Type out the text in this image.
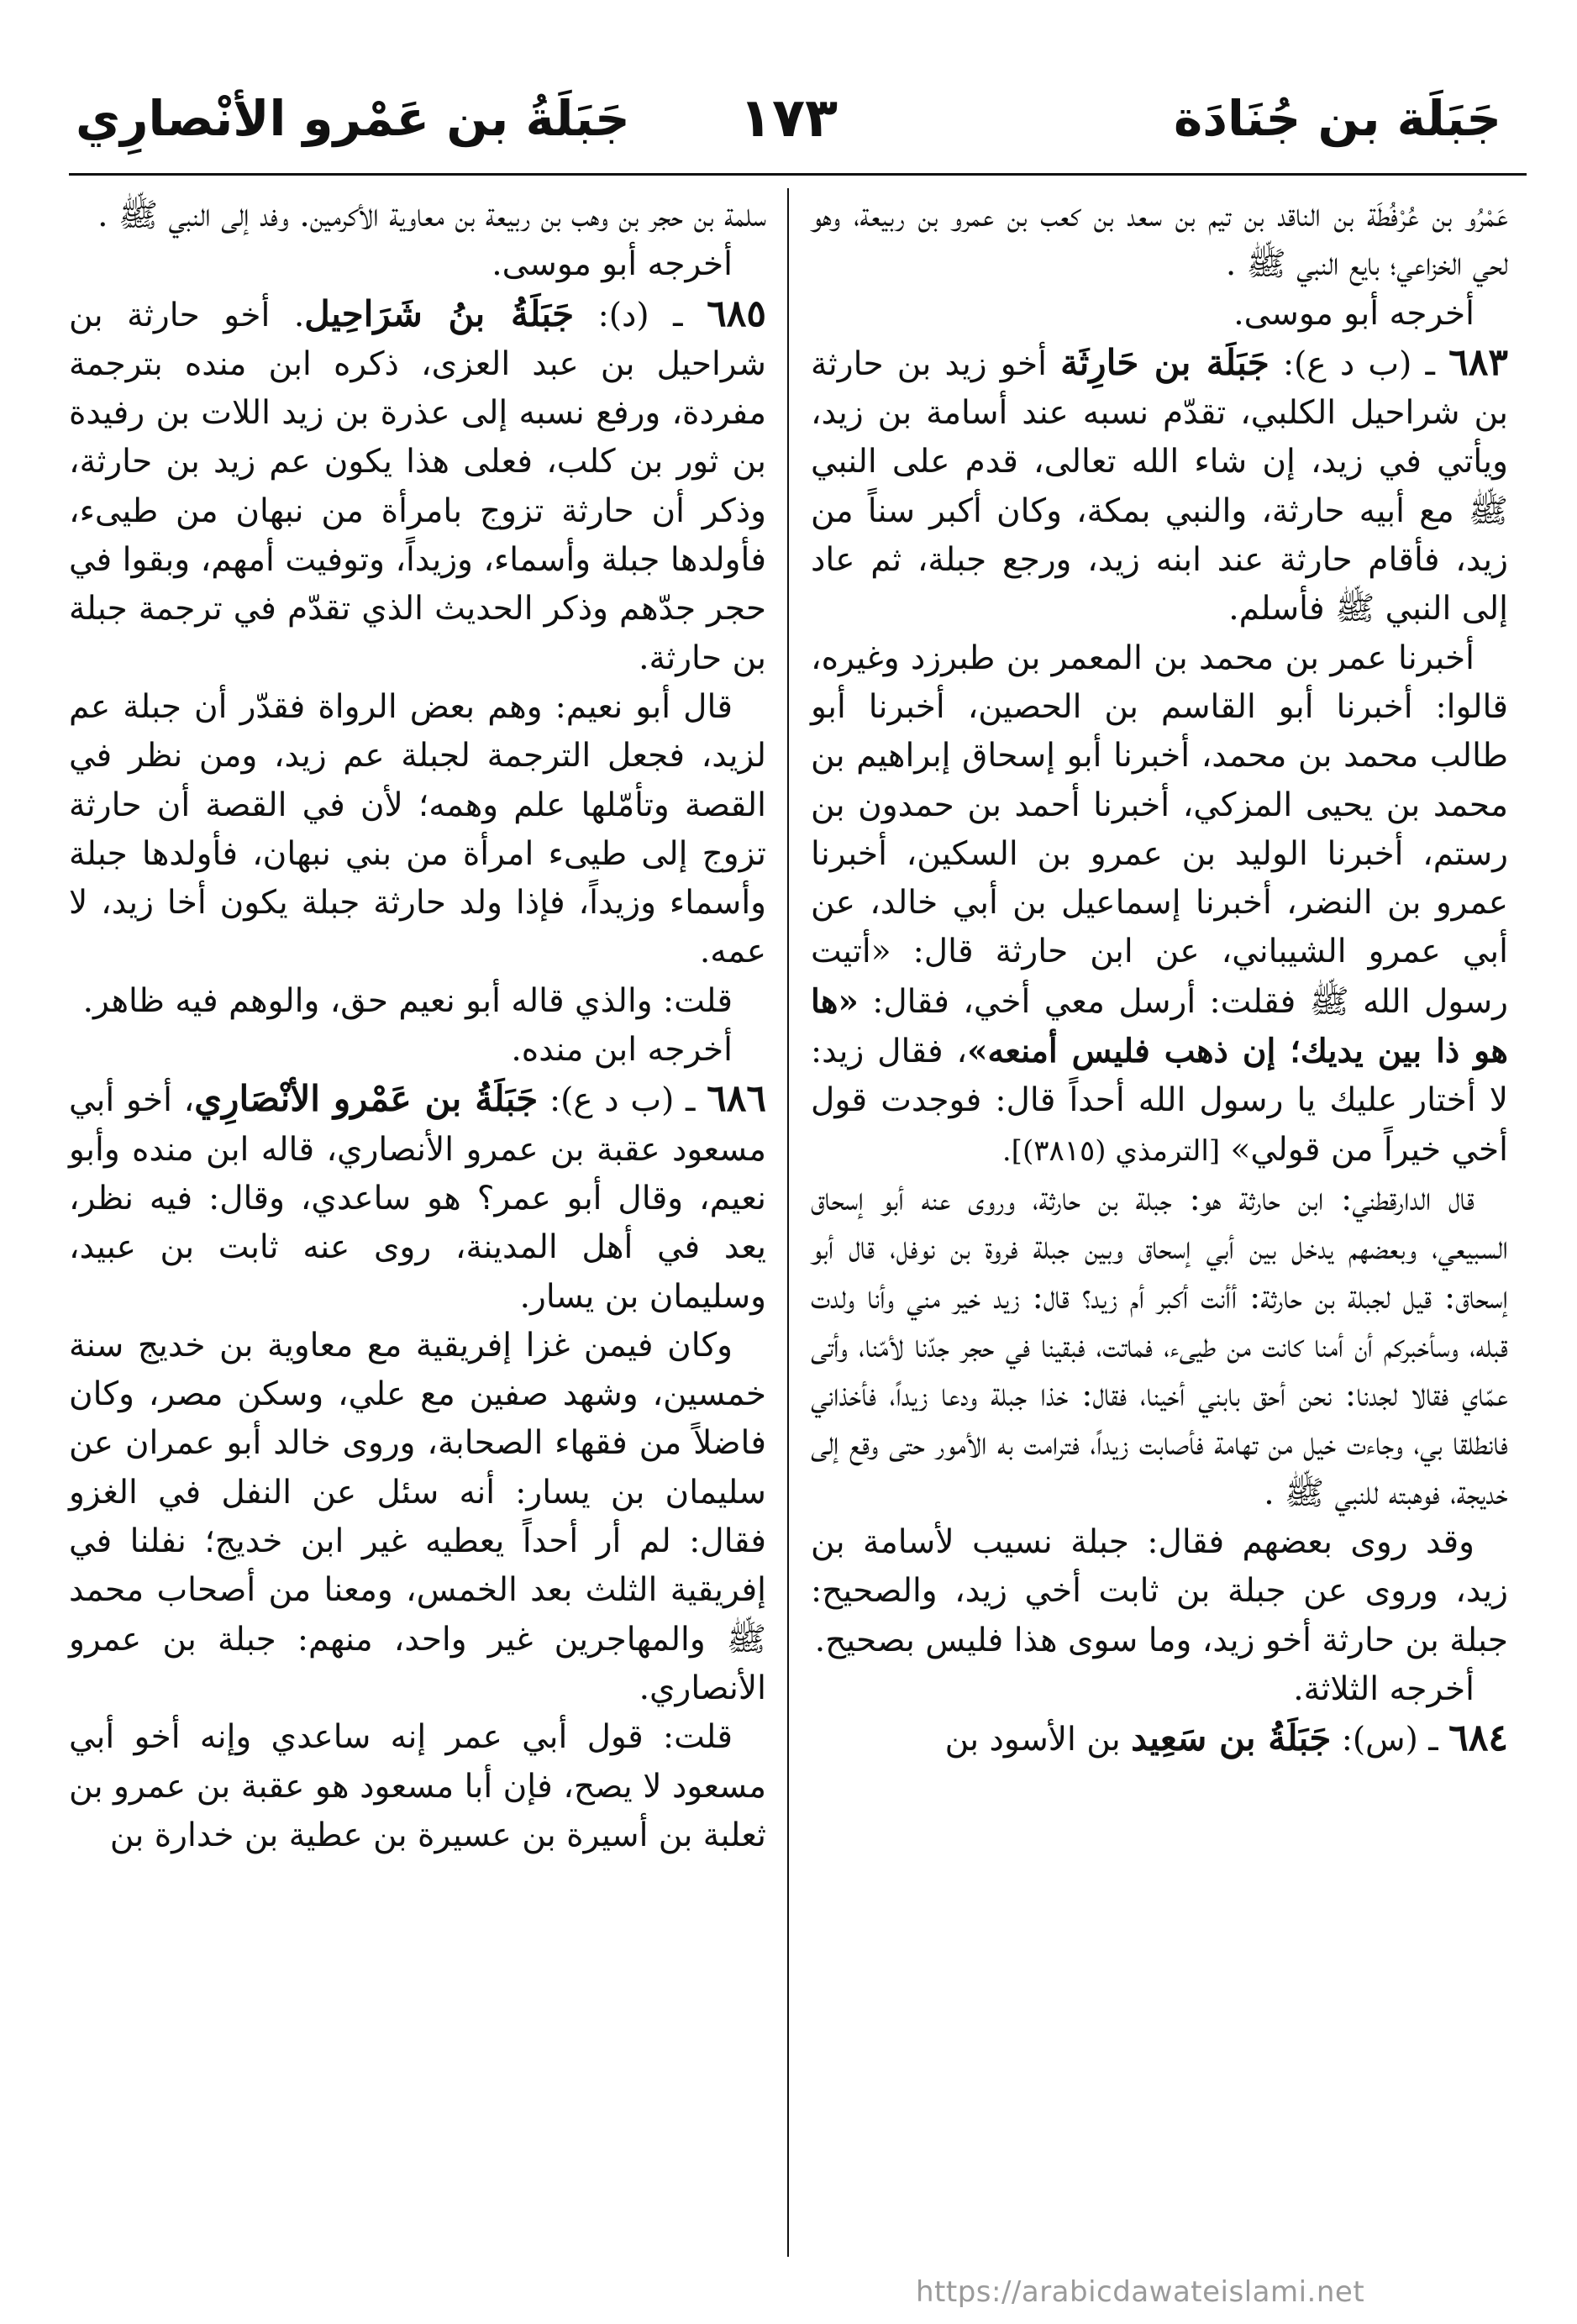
جَبَلَة بن جُنَادَة
١٧٣
جَبَلَةُ بن عَمْرو الأنْصارِي

عَمْرُو بن عُرْفُطَة بن الناقد بن تيم بن سعد بن كعب بن عمرو بن ربيعة، وهو لحي الخزاعي؛ بايع النبي ﷺ .

أخرجه أبو موسى.

٦٨٣ ـ (ب د ع): جَبَلَة بن حَارِثَة أخو زيد بن حارثة بن شراحيل الكلبي، تقدّم نسبه عند أسامة بن زيد، ويأتي في زيد، إن شاء الله تعالى، قدم على النبي ﷺ مع أبيه حارثة، والنبي بمكة، وكان أكبر سناً من زيد، فأقام حارثة عند ابنه زيد، ورجع جبلة، ثم عاد إلى النبي ﷺ فأسلم.

أخبرنا عمر بن محمد بن المعمر بن طبرزد وغيره، قالوا: أخبرنا أبو القاسم بن الحصين، أخبرنا أبو طالب محمد بن محمد، أخبرنا أبو إسحاق إبراهيم بن محمد بن يحيى المزكي، أخبرنا أحمد بن حمدون بن رستم، أخبرنا الوليد بن عمرو بن السكين، أخبرنا عمرو بن النضر، أخبرنا إسماعيل بن أبي خالد، عن أبي عمرو الشيباني، عن ابن حارثة قال: «أتيت رسول الله ﷺ فقلت: أرسل معي أخي، فقال: «ها هو ذا بين يديك؛ إن ذهب فليس أمنعه»، فقال زيد: لا أختار عليك يا رسول الله أحداً قال: فوجدت قول أخي خيراً من قولي» [الترمذي (٣٨١٥)].

قال الدارقطني: ابن حارثة هو: جبلة بن حارثة، وروى عنه أبو إسحاق السبيعي، وبعضهم يدخل بين أبي إسحاق وبين جبلة فروة بن نوفل، قال أبو إسحاق: قيل لجبلة بن حارثة: أأنت أكبر أم زيد؟ قال: زيد خير مني وأنا ولدت قبله، وسأخبركم أن أمنا كانت من طيىء، فماتت، فبقينا في حجر جدّنا لأمّنا، وأتى عمّاي فقالا لجدنا: نحن أحق بابني أخينا، فقال: خذا جبلة ودعا زيداً، فأخذاني فانطلقا بي، وجاءت خيل من تهامة فأصابت زيداً، فترامت به الأمور حتى وقع إلى خديجة، فوهبته للنبي ﷺ .

وقد روى بعضهم فقال: جبلة نسيب لأسامة بن زيد، وروى عن جبلة بن ثابت أخي زيد، والصحيح: جبلة بن حارثة أخو زيد، وما سوى هذا فليس بصحيح.

أخرجه الثلاثة.

٦٨٤ ـ (س): جَبَلَةُ بن سَعِيد بن الأسود بن

سلمة بن حجر بن وهب بن ربيعة بن معاوية الأكرمين. وفد إلى النبي ﷺ .

أخرجه أبو موسى.

٦٨٥ ـ (د): جَبَلَةُ بنُ شَرَاحِيل. أخو حارثة بن شراحيل بن عبد العزى، ذكره ابن منده بترجمة مفردة، ورفع نسبه إلى عذرة بن زيد اللات بن رفيدة بن ثور بن كلب، فعلى هذا يكون عم زيد بن حارثة، وذكر أن حارثة تزوج بامرأة من نبهان من طيىء، فأولدها جبلة وأسماء، وزيداً، وتوفيت أمهم، وبقوا في حجر جدّهم وذكر الحديث الذي تقدّم في ترجمة جبلة بن حارثة.

قال أبو نعيم: وهم بعض الرواة فقدّر أن جبلة عم لزيد، فجعل الترجمة لجبلة عم زيد، ومن نظر في القصة وتأمّلها علم وهمه؛ لأن في القصة أن حارثة تزوج إلى طيىء امرأة من بني نبهان، فأولدها جبلة وأسماء وزيداً، فإذا ولد حارثة جبلة يكون أخا زيد، لا عمه.

قلت: والذي قاله أبو نعيم حق، والوهم فيه ظاهر.

أخرجه ابن منده.

٦٨٦ ـ (ب د ع): جَبَلَةُ بن عَمْرو الأنْصَارِي، أخو أبي مسعود عقبة بن عمرو الأنصاري، قاله ابن منده وأبو نعيم، وقال أبو عمر؟ هو ساعدي، وقال: فيه نظر، يعد في أهل المدينة، روى عنه ثابت بن عبيد، وسليمان بن يسار.

وكان فيمن غزا إفريقية مع معاوية بن خديج سنة خمسين، وشهد صفين مع علي، وسكن مصر، وكان فاضلاً من فقهاء الصحابة، وروى خالد أبو عمران عن سليمان بن يسار: أنه سئل عن النفل في الغزو فقال: لم أر أحداً يعطيه غير ابن خديج؛ نفلنا في إفريقية الثلث بعد الخمس، ومعنا من أصحاب محمد ﷺ والمهاجرين غير واحد، منهم: جبلة بن عمرو الأنصاري.

قلت: قول أبي عمر إنه ساعدي وإنه أخو أبي مسعود لا يصح، فإن أبا مسعود هو عقبة بن عمرو بن ثعلبة بن أسيرة بن عسيرة بن عطية بن خدارة بن

https://arabicdawateislami.net
